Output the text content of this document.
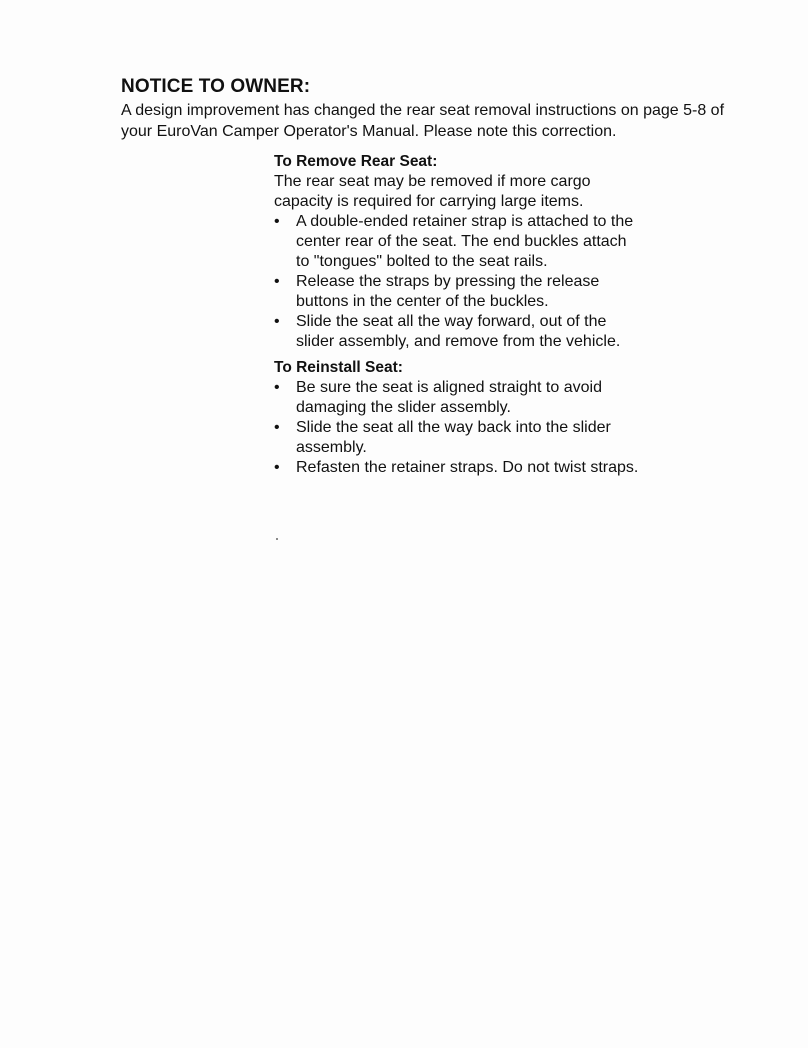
NOTICE TO OWNER:

A design improvement has changed the rear seat removal instructions on page 5-8 of
your EuroVan Camper Operator's Manual. Please note this correction.

To Remove Rear Seat:

The rear seat may be removed if more cargo
capacity is required for carrying large items.

•	A double-ended retainer strap is attached to the
center rear of the seat. The end buckles attach
to "tongues" bolted to the seat rails.
•	Release the straps by pressing the release
buttons in the center of the buckles.
•	Slide the seat all the way forward, out of the
slider assembly, and remove from the vehicle.
To Reinstall Seat:
•	Be sure the seat is aligned straight to avoid
damaging the slider assembly.
•	Slide the seat all the way back into the slider
assembly.
•	Refasten the retainer straps. Do not twist straps.
